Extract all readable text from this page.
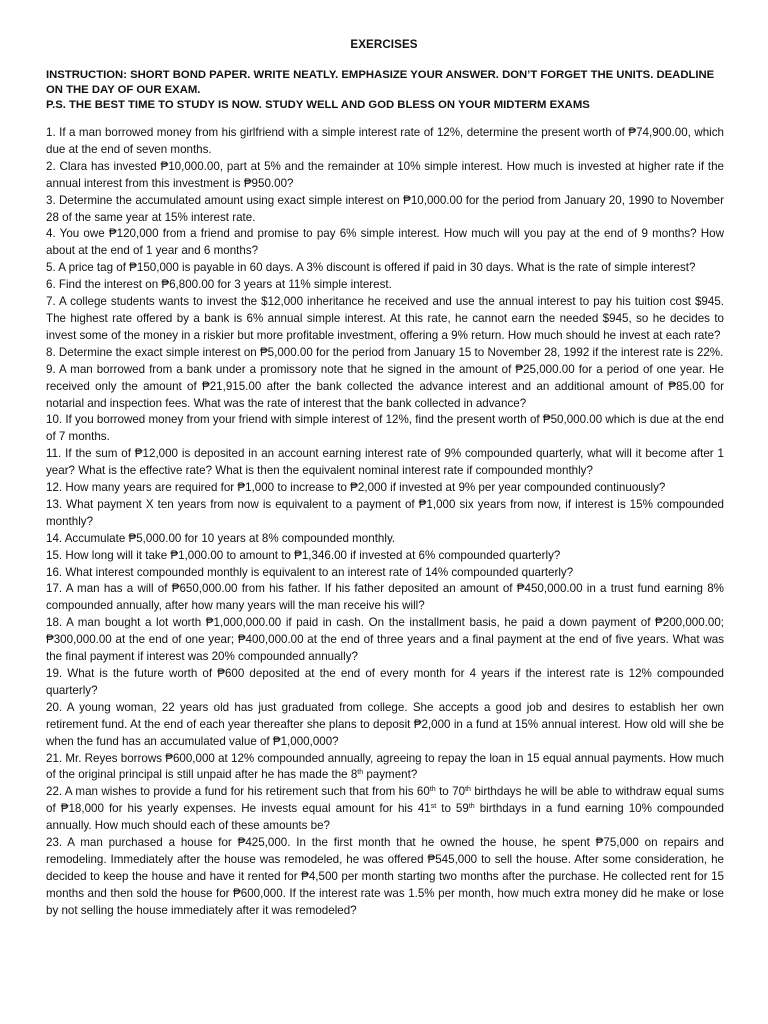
EXERCISES

INSTRUCTION: SHORT BOND PAPER. WRITE NEATLY. EMPHASIZE YOUR ANSWER. DON’T FORGET THE UNITS. DEADLINE ON THE DAY OF OUR EXAM.

P.S. THE BEST TIME TO STUDY IS NOW. STUDY WELL AND GOD BLESS ON YOUR MIDTERM EXAMS

1. If a man borrowed money from his girlfriend with a simple interest rate of 12%, determine the present worth of ₱74,900.00, which due at the end of seven months.

2. Clara has invested ₱10,000.00, part at 5% and the remainder at 10% simple interest. How much is invested at higher rate if the annual interest from this investment is ₱950.00?

3. Determine the accumulated amount using exact simple interest on ₱10,000.00 for the period from January 20, 1990 to November 28 of the same year at 15% interest rate.

4. You owe ₱120,000 from a friend and promise to pay 6% simple interest. How much will you pay at the end of 9 months? How about at the end of 1 year and 6 months?

5. A price tag of ₱150,000 is payable in 60 days. A 3% discount is offered if paid in 30 days. What is the rate of simple interest?

6. Find the interest on ₱6,800.00 for 3 years at 11% simple interest.

7. A college students wants to invest the $12,000 inheritance he received and use the annual interest to pay his tuition cost $945. The highest rate offered by a bank is 6% annual simple interest. At this rate, he cannot earn the needed $945, so he decides to invest some of the money in a riskier but more profitable investment, offering a 9% return. How much should he invest at each rate?

8. Determine the exact simple interest on ₱5,000.00 for the period from January 15 to November 28, 1992 if the interest rate is 22%.

9. A man borrowed from a bank under a promissory note that he signed in the amount of ₱25,000.00 for a period of one year. He received only the amount of ₱21,915.00 after the bank collected the advance interest and an additional amount of ₱85.00 for notarial and inspection fees. What was the rate of interest that the bank collected in advance?

10. If you borrowed money from your friend with simple interest of 12%, find the present worth of ₱50,000.00 which is due at the end of 7 months.

11. If the sum of ₱12,000 is deposited in an account earning interest rate of 9% compounded quarterly, what will it become after 1 year? What is the effective rate? What is then the equivalent nominal interest rate if compounded monthly?

12. How many years are required for ₱1,000 to increase to ₱2,000 if invested at 9% per year compounded continuously?

13. What payment X ten years from now is equivalent to a payment of ₱1,000 six years from now, if interest is 15% compounded monthly?

14. Accumulate ₱5,000.00 for 10 years at 8% compounded monthly.

15. How long will it take ₱1,000.00 to amount to ₱1,346.00 if invested at 6% compounded quarterly?

16. What interest compounded monthly is equivalent to an interest rate of 14% compounded quarterly?

17. A man has a will of ₱650,000.00 from his father. If his father deposited an amount of ₱450,000.00 in a trust fund earning 8% compounded annually, after how many years will the man receive his will?

18. A man bought a lot worth ₱1,000,000.00 if paid in cash. On the installment basis, he paid a down payment of ₱200,000.00; ₱300,000.00 at the end of one year; ₱400,000.00 at the end of three years and a final payment at the end of five years. What was the final payment if interest was 20% compounded annually?

19. What is the future worth of ₱600 deposited at the end of every month for 4 years if the interest rate is 12% compounded quarterly?

20. A young woman, 22 years old has just graduated from college. She accepts a good job and desires to establish her own retirement fund. At the end of each year thereafter she plans to deposit ₱2,000 in a fund at 15% annual interest. How old will she be when the fund has an accumulated value of ₱1,000,000?

21. Mr. Reyes borrows ₱600,000 at 12% compounded annually, agreeing to repay the loan in 15 equal annual payments. How much of the original principal is still unpaid after he has made the 8th payment?

22. A man wishes to provide a fund for his retirement such that from his 60th to 70th birthdays he will be able to withdraw equal sums of ₱18,000 for his yearly expenses. He invests equal amount for his 41st to 59th birthdays in a fund earning 10% compounded annually. How much should each of these amounts be?

23. A man purchased a house for ₱425,000. In the first month that he owned the house, he spent ₱75,000 on repairs and remodeling. Immediately after the house was remodeled, he was offered ₱545,000 to sell the house. After some consideration, he decided to keep the house and have it rented for ₱4,500 per month starting two months after the purchase. He collected rent for 15 months and then sold the house for ₱600,000. If the interest rate was 1.5% per month, how much extra money did he make or lose by not selling the house immediately after it was remodeled?
